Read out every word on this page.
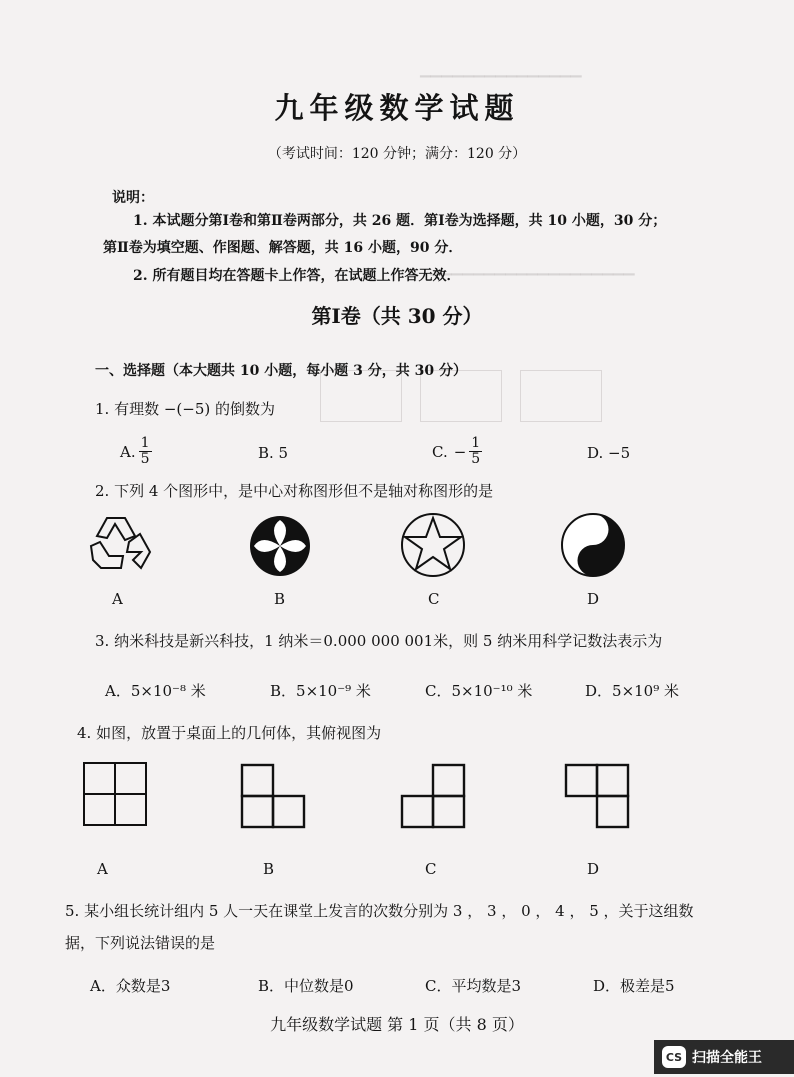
▁▁▁▁▁▁▁▁▁▁▁▁▁▁▁
▁▁▁▁▁▁▁▁▁▁▁▁▁▁▁▁▁▁▁
九年级数学试题
（考试时间：120 分钟；满分：120 分）
说明：
1. 本试题分第Ⅰ卷和第Ⅱ卷两部分，共 26 题．第Ⅰ卷为选择题，共 10 小题，30 分；
第Ⅱ卷为填空题、作图题、解答题，共 16 小题，90 分．
2. 所有题目均在答题卡上作答，在试题上作答无效．
第Ⅰ卷（共 30 分）
一、选择题（本大题共 10 小题，每小题 3 分，共 30 分）
1. 有理数 −(−5) 的倒数为
A. $\frac{1}{5}$	B. 5	C. − $\frac{1}{5}$	D. −5
2. 下列 4 个图形中，是中心对称图形但不是轴对称图形的是
A	B	C	D
3. 纳米科技是新兴科技，1 纳米＝0.000 000 001米，则 5 纳米用科学记数法表示为
A．5×10⁻⁸ 米	B．5×10⁻⁹ 米	C．5×10⁻¹⁰ 米	D．5×10⁹ 米
4. 如图，放置于桌面上的几何体，其俯视图为
A	B	C	D
5. 某小组长统计组内 5 人一天在课堂上发言的次数分别为 3 ， 3 ， 0 ， 4 ， 5 ，关于这组数
据，下列说法错误的是
A．众数是3	B．中位数是0	C．平均数是3	D．极差是5
九年级数学试题 第 1 页（共 8 页）
CS 扫描全能王
